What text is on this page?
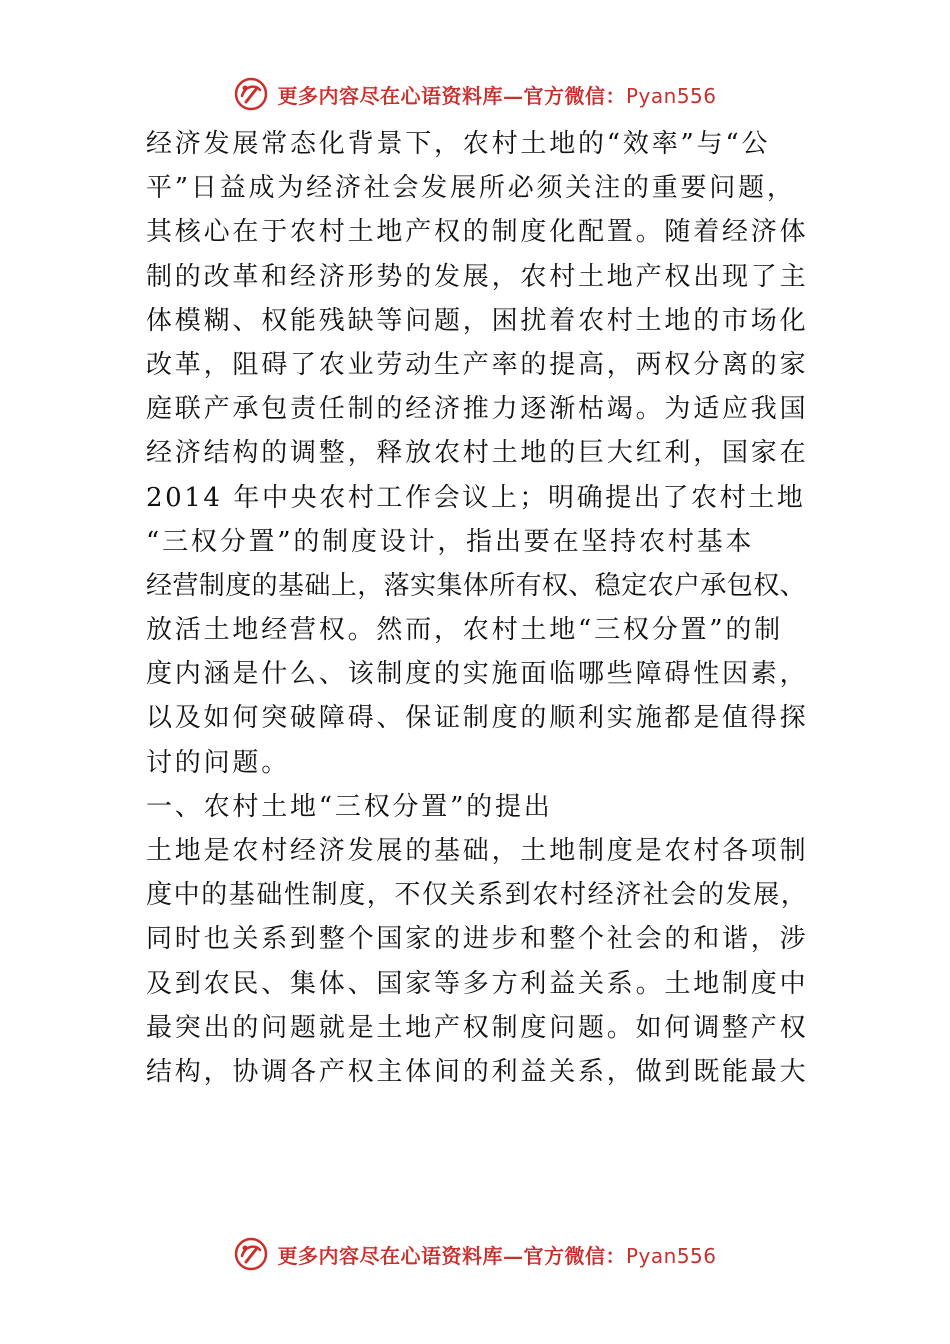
更多内容尽在心语资料库—官方微信：Pyan556
经济发展常态化背景下，农村土地的“效率”与“公
平”日益成为经济社会发展所必须关注的重要问题，
其核心在于农村土地产权的制度化配置。随着经济体
制的改革和经济形势的发展，农村土地产权出现了主
体模糊、权能残缺等问题，困扰着农村土地的市场化
改革，阻碍了农业劳动生产率的提高，两权分离的家
庭联产承包责任制的经济推力逐渐枯竭。为适应我国
经济结构的调整，释放农村土地的巨大红利，国家在
2014 年中央农村工作会议上；明确提出了农村土地
“三权分置”的制度设计，指出要在坚持农村基本
经营制度的基础上，落实集体所有权、稳定农户承包权、
放活土地经营权。然而，农村土地“三权分置”的制
度内涵是什么、该制度的实施面临哪些障碍性因素，
以及如何突破障碍、保证制度的顺利实施都是值得探
讨的问题。
一、农村土地“三权分置”的提出
土地是农村经济发展的基础，土地制度是农村各项制
度中的基础性制度，不仅关系到农村经济社会的发展，
同时也关系到整个国家的进步和整个社会的和谐，涉
及到农民、集体、国家等多方利益关系。土地制度中
最突出的问题就是土地产权制度问题。如何调整产权
结构，协调各产权主体间的利益关系，做到既能最大
更多内容尽在心语资料库—官方微信：Pyan556
